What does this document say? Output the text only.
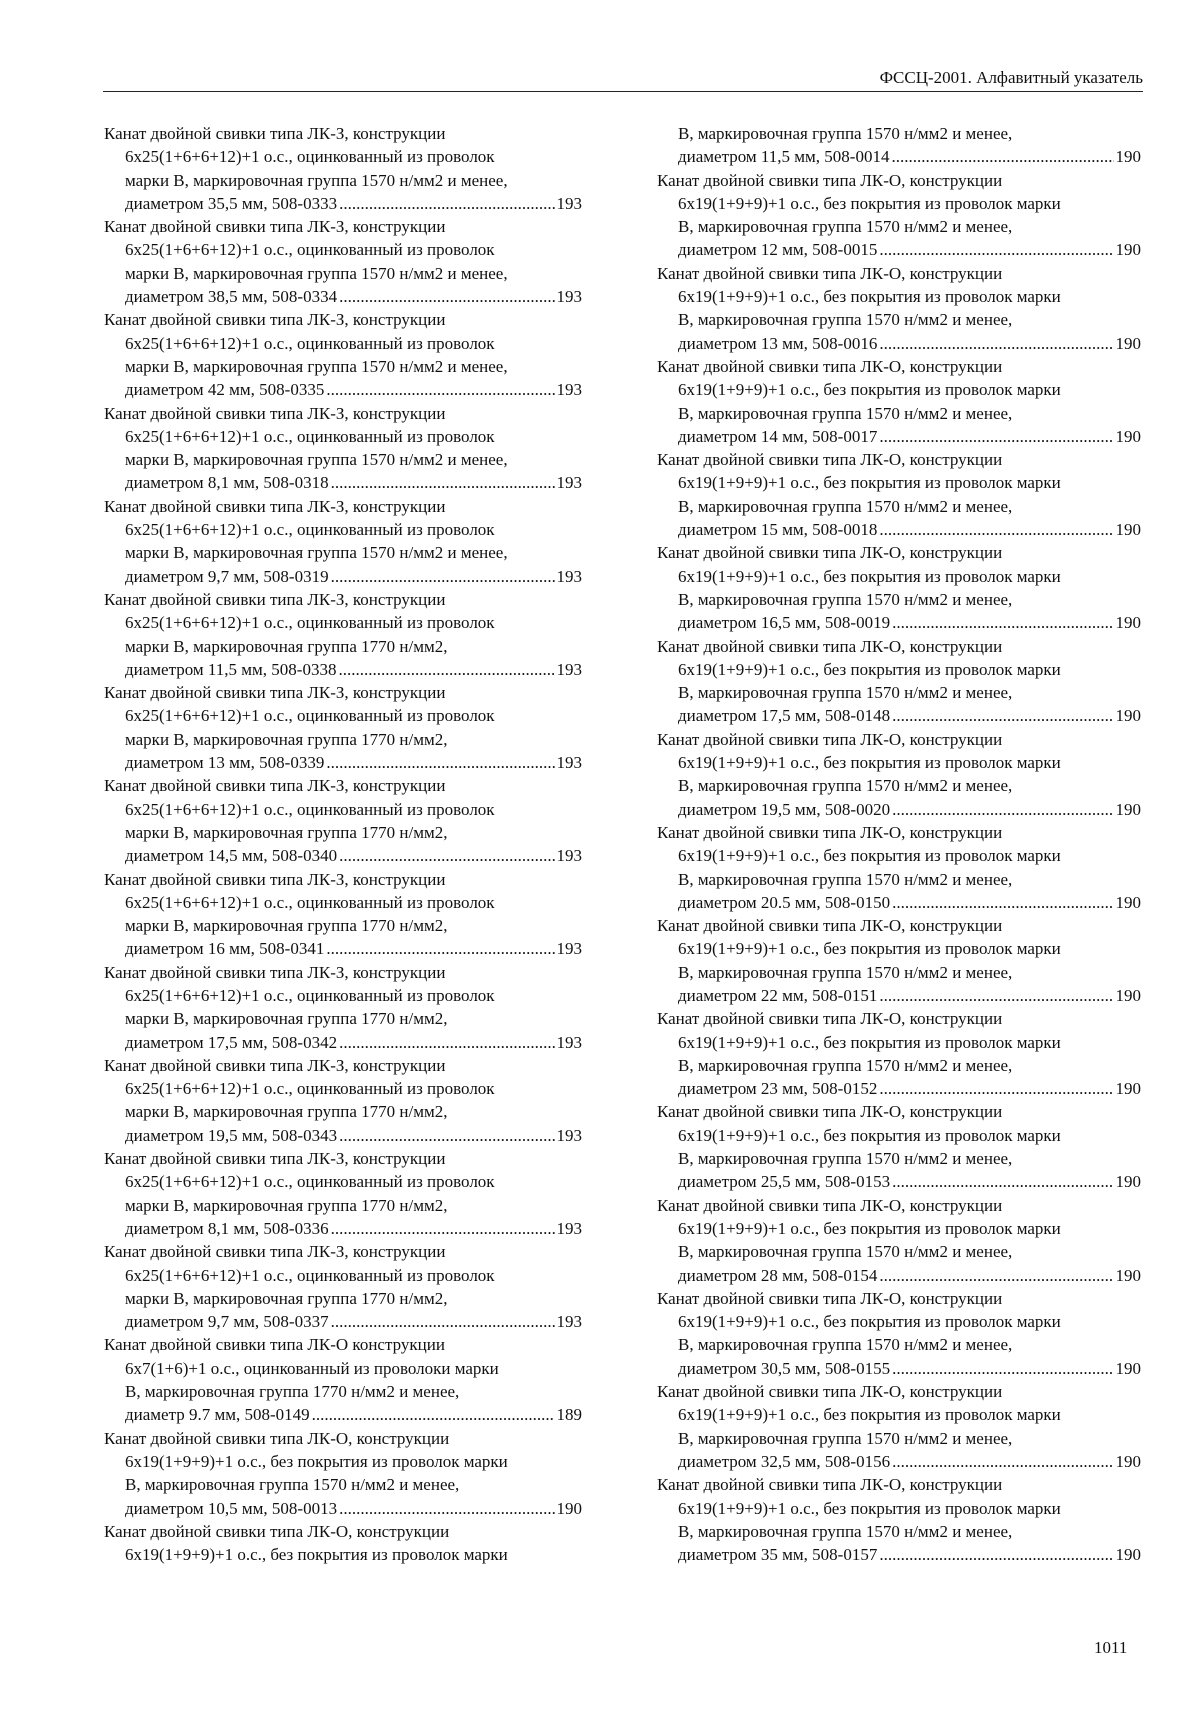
ФССЦ-2001. Алфавитный указатель
Канат двойной свивки типа ЛК-З, конструкции
6х25(1+6+6+12)+1 о.с., оцинкованный из проволок
марки В, маркировочная группа 1570 н/мм2 и менее,
диаметром 35,5 мм, 508-0333 .....	193
Канат двойной свивки типа ЛК-З, конструкции
6х25(1+6+6+12)+1 о.с., оцинкованный из проволок
марки В, маркировочная группа 1570 н/мм2 и менее,
диаметром 38,5 мм, 508-0334 .....	193
Канат двойной свивки типа ЛК-З, конструкции
6х25(1+6+6+12)+1 о.с., оцинкованный из проволок
марки В, маркировочная группа 1570 н/мм2 и менее,
диаметром 42 мм, 508-0335 .....	193
Канат двойной свивки типа ЛК-З, конструкции
6х25(1+6+6+12)+1 о.с., оцинкованный из проволок
марки В, маркировочная группа 1570 н/мм2 и менее,
диаметром 8,1 мм, 508-0318 .....	193
Канат двойной свивки типа ЛК-З, конструкции
6х25(1+6+6+12)+1 о.с., оцинкованный из проволок
марки В, маркировочная группа 1570 н/мм2 и менее,
диаметром 9,7 мм, 508-0319 .....	193
Канат двойной свивки типа ЛК-З, конструкции
6х25(1+6+6+12)+1 о.с., оцинкованный из проволок
марки В, маркировочная группа 1770 н/мм2,
диаметром 11,5 мм, 508-0338 .....	193
Канат двойной свивки типа ЛК-З, конструкции
6х25(1+6+6+12)+1 о.с., оцинкованный из проволок
марки В, маркировочная группа 1770 н/мм2,
диаметром 13 мм, 508-0339 .....	193
Канат двойной свивки типа ЛК-З, конструкции
6х25(1+6+6+12)+1 о.с., оцинкованный из проволок
марки В, маркировочная группа 1770 н/мм2,
диаметром 14,5 мм, 508-0340 .....	193
Канат двойной свивки типа ЛК-З, конструкции
6х25(1+6+6+12)+1 о.с., оцинкованный из проволок
марки В, маркировочная группа 1770 н/мм2,
диаметром 16 мм, 508-0341 .....	193
Канат двойной свивки типа ЛК-З, конструкции
6х25(1+6+6+12)+1 о.с., оцинкованный из проволок
марки В, маркировочная группа 1770 н/мм2,
диаметром 17,5 мм, 508-0342 .....	193
Канат двойной свивки типа ЛК-З, конструкции
6х25(1+6+6+12)+1 о.с., оцинкованный из проволок
марки В, маркировочная группа 1770 н/мм2,
диаметром 19,5 мм, 508-0343 .....	193
Канат двойной свивки типа ЛК-З, конструкции
6х25(1+6+6+12)+1 о.с., оцинкованный из проволок
марки В, маркировочная группа 1770 н/мм2,
диаметром 8,1 мм, 508-0336 .....	193
Канат двойной свивки типа ЛК-З, конструкции
6х25(1+6+6+12)+1 о.с., оцинкованный из проволок
марки В, маркировочная группа 1770 н/мм2,
диаметром 9,7 мм, 508-0337 .....	193
Канат двойной свивки типа ЛК-О конструкции
6х7(1+6)+1 о.с., оцинкованный из проволоки марки
В, маркировочная группа 1770 н/мм2 и менее,
диаметр 9.7 мм, 508-0149 .....	189
Канат двойной свивки типа ЛК-О, конструкции
6х19(1+9+9)+1 о.с., без покрытия из проволок марки
В, маркировочная группа 1570 н/мм2 и менее,
диаметром 10,5 мм, 508-0013 .....	190
Канат двойной свивки типа ЛК-О, конструкции
6х19(1+9+9)+1 о.с., без покрытия из проволок марки
В, маркировочная группа 1570 н/мм2 и менее,
диаметром 11,5 мм, 508-0014 .....	190
Канат двойной свивки типа ЛК-О, конструкции
6х19(1+9+9)+1 о.с., без покрытия из проволок марки
В, маркировочная группа 1570 н/мм2 и менее,
диаметром 12 мм, 508-0015 .....	190
Канат двойной свивки типа ЛК-О, конструкции
6х19(1+9+9)+1 о.с., без покрытия из проволок марки
В, маркировочная группа 1570 н/мм2 и менее,
диаметром 13 мм, 508-0016 .....	190
Канат двойной свивки типа ЛК-О, конструкции
6х19(1+9+9)+1 о.с., без покрытия из проволок марки
В, маркировочная группа 1570 н/мм2 и менее,
диаметром 14 мм, 508-0017 .....	190
Канат двойной свивки типа ЛК-О, конструкции
6х19(1+9+9)+1 о.с., без покрытия из проволок марки
В, маркировочная группа 1570 н/мм2 и менее,
диаметром 15 мм, 508-0018 .....	190
Канат двойной свивки типа ЛК-О, конструкции
6х19(1+9+9)+1 о.с., без покрытия из проволок марки
В, маркировочная группа 1570 н/мм2 и менее,
диаметром 16,5 мм, 508-0019 .....	190
Канат двойной свивки типа ЛК-О, конструкции
6х19(1+9+9)+1 о.с., без покрытия из проволок марки
В, маркировочная группа 1570 н/мм2 и менее,
диаметром 17,5 мм, 508-0148 .....	190
Канат двойной свивки типа ЛК-О, конструкции
6х19(1+9+9)+1 о.с., без покрытия из проволок марки
В, маркировочная группа 1570 н/мм2 и менее,
диаметром 19,5 мм, 508-0020 .....	190
Канат двойной свивки типа ЛК-О, конструкции
6х19(1+9+9)+1 о.с., без покрытия из проволок марки
В, маркировочная группа 1570 н/мм2 и менее,
диаметром 20.5 мм, 508-0150 .....	190
Канат двойной свивки типа ЛК-О, конструкции
6х19(1+9+9)+1 о.с., без покрытия из проволок марки
В, маркировочная группа 1570 н/мм2 и менее,
диаметром 22 мм, 508-0151 .....	190
Канат двойной свивки типа ЛК-О, конструкции
6х19(1+9+9)+1 о.с., без покрытия из проволок марки
В, маркировочная группа 1570 н/мм2 и менее,
диаметром 23 мм, 508-0152 .....	190
Канат двойной свивки типа ЛК-О, конструкции
6х19(1+9+9)+1 о.с., без покрытия из проволок марки
В, маркировочная группа 1570 н/мм2 и менее,
диаметром 25,5 мм, 508-0153 .....	190
Канат двойной свивки типа ЛК-О, конструкции
6х19(1+9+9)+1 о.с., без покрытия из проволок марки
В, маркировочная группа 1570 н/мм2 и менее,
диаметром 28 мм, 508-0154 .....	190
Канат двойной свивки типа ЛК-О, конструкции
6х19(1+9+9)+1 о.с., без покрытия из проволок марки
В, маркировочная группа 1570 н/мм2 и менее,
диаметром 30,5 мм, 508-0155 .....	190
Канат двойной свивки типа ЛК-О, конструкции
6х19(1+9+9)+1 о.с., без покрытия из проволок марки
В, маркировочная группа 1570 н/мм2 и менее,
диаметром 32,5 мм, 508-0156 .....	190
Канат двойной свивки типа ЛК-О, конструкции
6х19(1+9+9)+1 о.с., без покрытия из проволок марки
В, маркировочная группа 1570 н/мм2 и менее,
диаметром 35 мм, 508-0157 .....	190
1011
